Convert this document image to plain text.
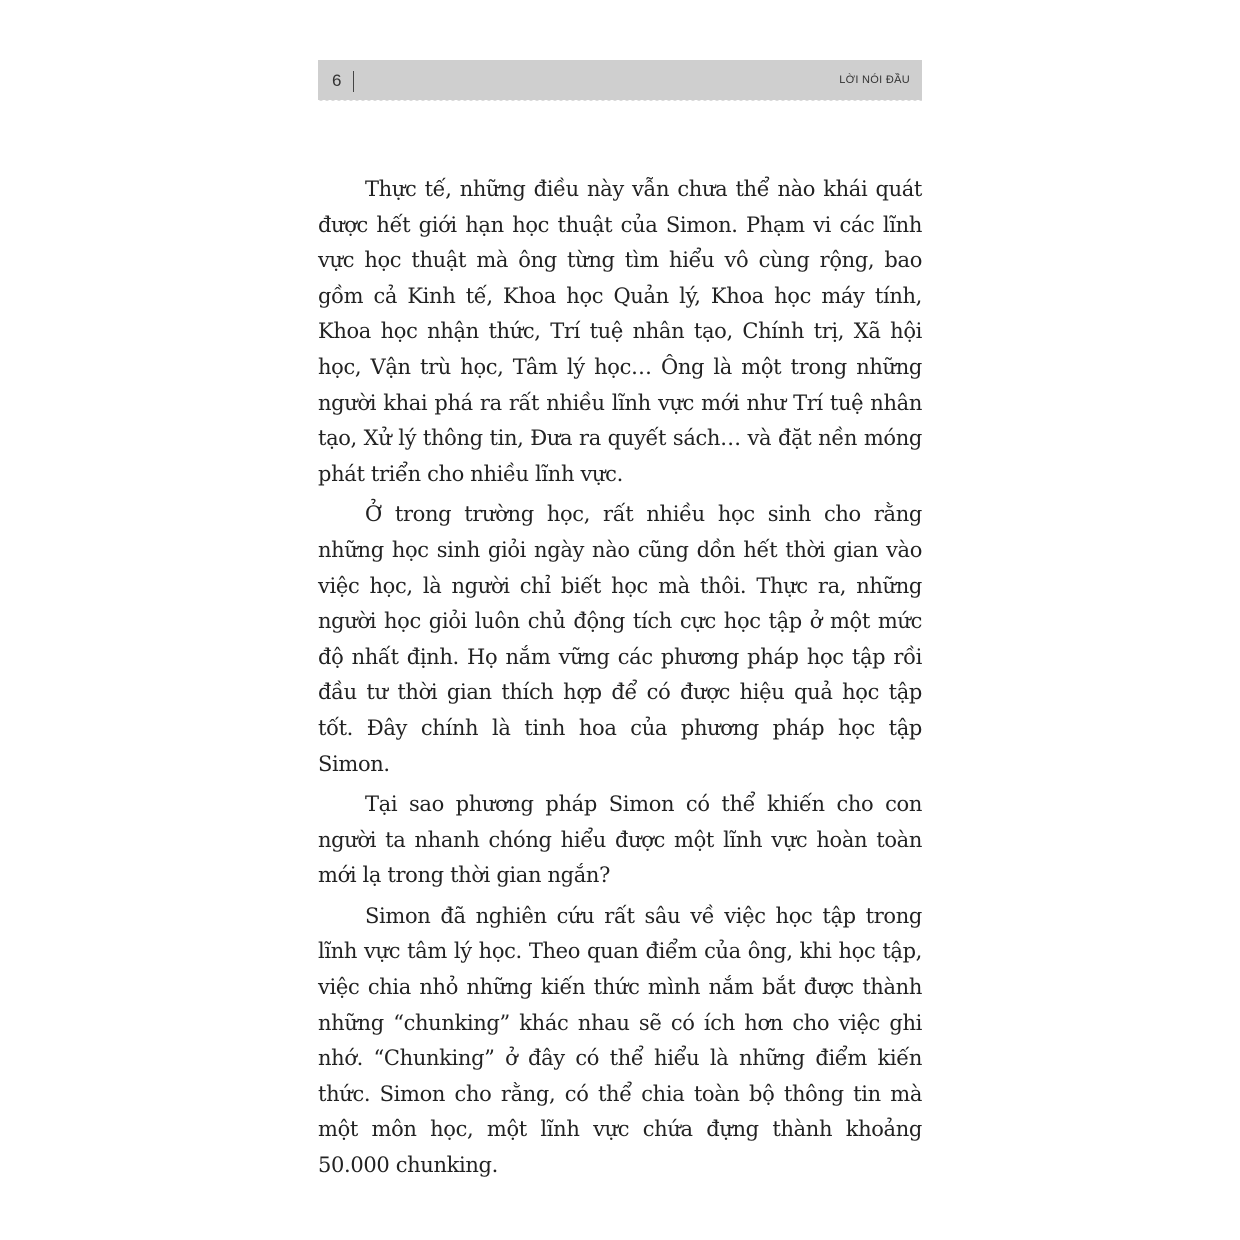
6	LỜI NÓI ĐẦU

Thực tế, những điều này vẫn chưa thể nào khái quát được hết giới hạn học thuật của Simon. Phạm vi các lĩnh vực học thuật mà ông từng tìm hiểu vô cùng rộng, bao gồm cả Kinh tế, Khoa học Quản lý, Khoa học máy tính, Khoa học nhận thức, Trí tuệ nhân tạo, Chính trị, Xã hội học, Vận trù học, Tâm lý học… Ông là một trong những người khai phá ra rất nhiều lĩnh vực mới như Trí tuệ nhân tạo, Xử lý thông tin, Đưa ra quyết sách… và đặt nền móng phát triển cho nhiều lĩnh vực.

Ở trong trường học, rất nhiều học sinh cho rằng những học sinh giỏi ngày nào cũng dồn hết thời gian vào việc học, là người chỉ biết học mà thôi. Thực ra, những người học giỏi luôn chủ động tích cực học tập ở một mức độ nhất định. Họ nắm vững các phương pháp học tập rồi đầu tư thời gian thích hợp để có được hiệu quả học tập tốt. Đây chính là tinh hoa của phương pháp học tập Simon.

Tại sao phương pháp Simon có thể khiến cho con người ta nhanh chóng hiểu được một lĩnh vực hoàn toàn mới lạ trong thời gian ngắn?

Simon đã nghiên cứu rất sâu về việc học tập trong lĩnh vực tâm lý học. Theo quan điểm của ông, khi học tập, việc chia nhỏ những kiến thức mình nắm bắt được thành những “chunking” khác nhau sẽ có ích hơn cho việc ghi nhớ. “Chunking” ở đây có thể hiểu là những điểm kiến thức. Simon cho rằng, có thể chia toàn bộ thông tin mà một môn học, một lĩnh vực chứa đựng thành khoảng 50.000 chunking.
